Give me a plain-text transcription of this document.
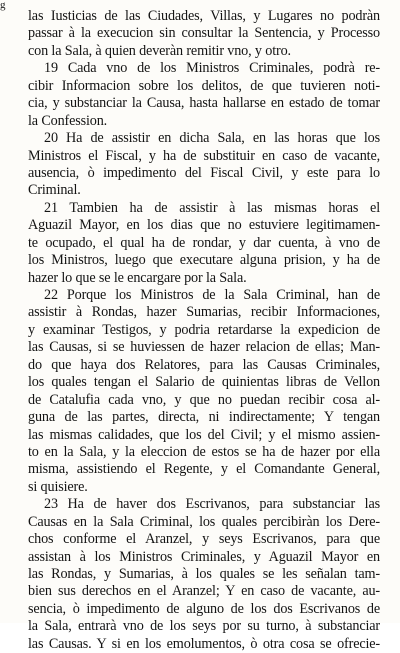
g
las Iusticias de las Ciudades, Villas, y Lugares no podràn
passar à la execucion sin consultar la Sentencia, y Processo
con la Sala, à quien deveràn remitir vno, y otro.
19 Cada vno de los Ministros Criminales, podrà re-
cibir Informacion sobre los delitos, de que tuvieren noti-
cia, y substanciar la Causa, hasta hallarse en estado de tomar
la Confession.
20 Ha de assistir en dicha Sala, en las horas que los
Ministros el Fiscal, y ha de substituir en caso de vacante,
ausencia, ò impedimento del Fiscal Civil, y este para lo
Criminal.
21 Tambien ha de assistir à las mismas horas el
Aguazil Mayor, en los dias que no estuviere legitimamen-
te ocupado, el qual ha de rondar, y dar cuenta, à vno de
los Ministros, luego que executare alguna prision, y ha de
hazer lo que se le encargare por la Sala.
22 Porque los Ministros de la Sala Criminal, han de
assistir à Rondas, hazer Sumarias, recibir Informaciones,
y examinar Testigos, y podria retardarse la expedicion de
las Causas, si se huviessen de hazer relacion de ellas; Man-
do que haya dos Relatores, para las Causas Criminales,
los quales tengan el Salario de quinientas libras de Vellon
de Catalufia cada vno, y que no puedan recibir cosa al-
guna de las partes, directa, ni indirectamente; Y tengan
las mismas calidades, que los del Civil; y el mismo assien-
to en la Sala, y la eleccion de estos se ha de hazer por ella
misma, assistiendo el Regente, y el Comandante General,
si quisiere.
23 Ha de haver dos Escrivanos, para substanciar las
Causas en la Sala Criminal, los quales percibiràn los Dere-
chos conforme el Aranzel, y seys Escrivanos, para que
assistan à los Ministros Criminales, y Aguazil Mayor en
las Rondas, y Sumarias, à los quales se les señalan tam-
bien sus derechos en el Aranzel; Y en caso de vacante, au-
sencia, ò impedimento de alguno de los dos Escrivanos de
la Sala, entrarà vno de los seys por su turno, à substanciar
las Causas. Y si en los emolumentos, ò otra cosa se ofrecie-
